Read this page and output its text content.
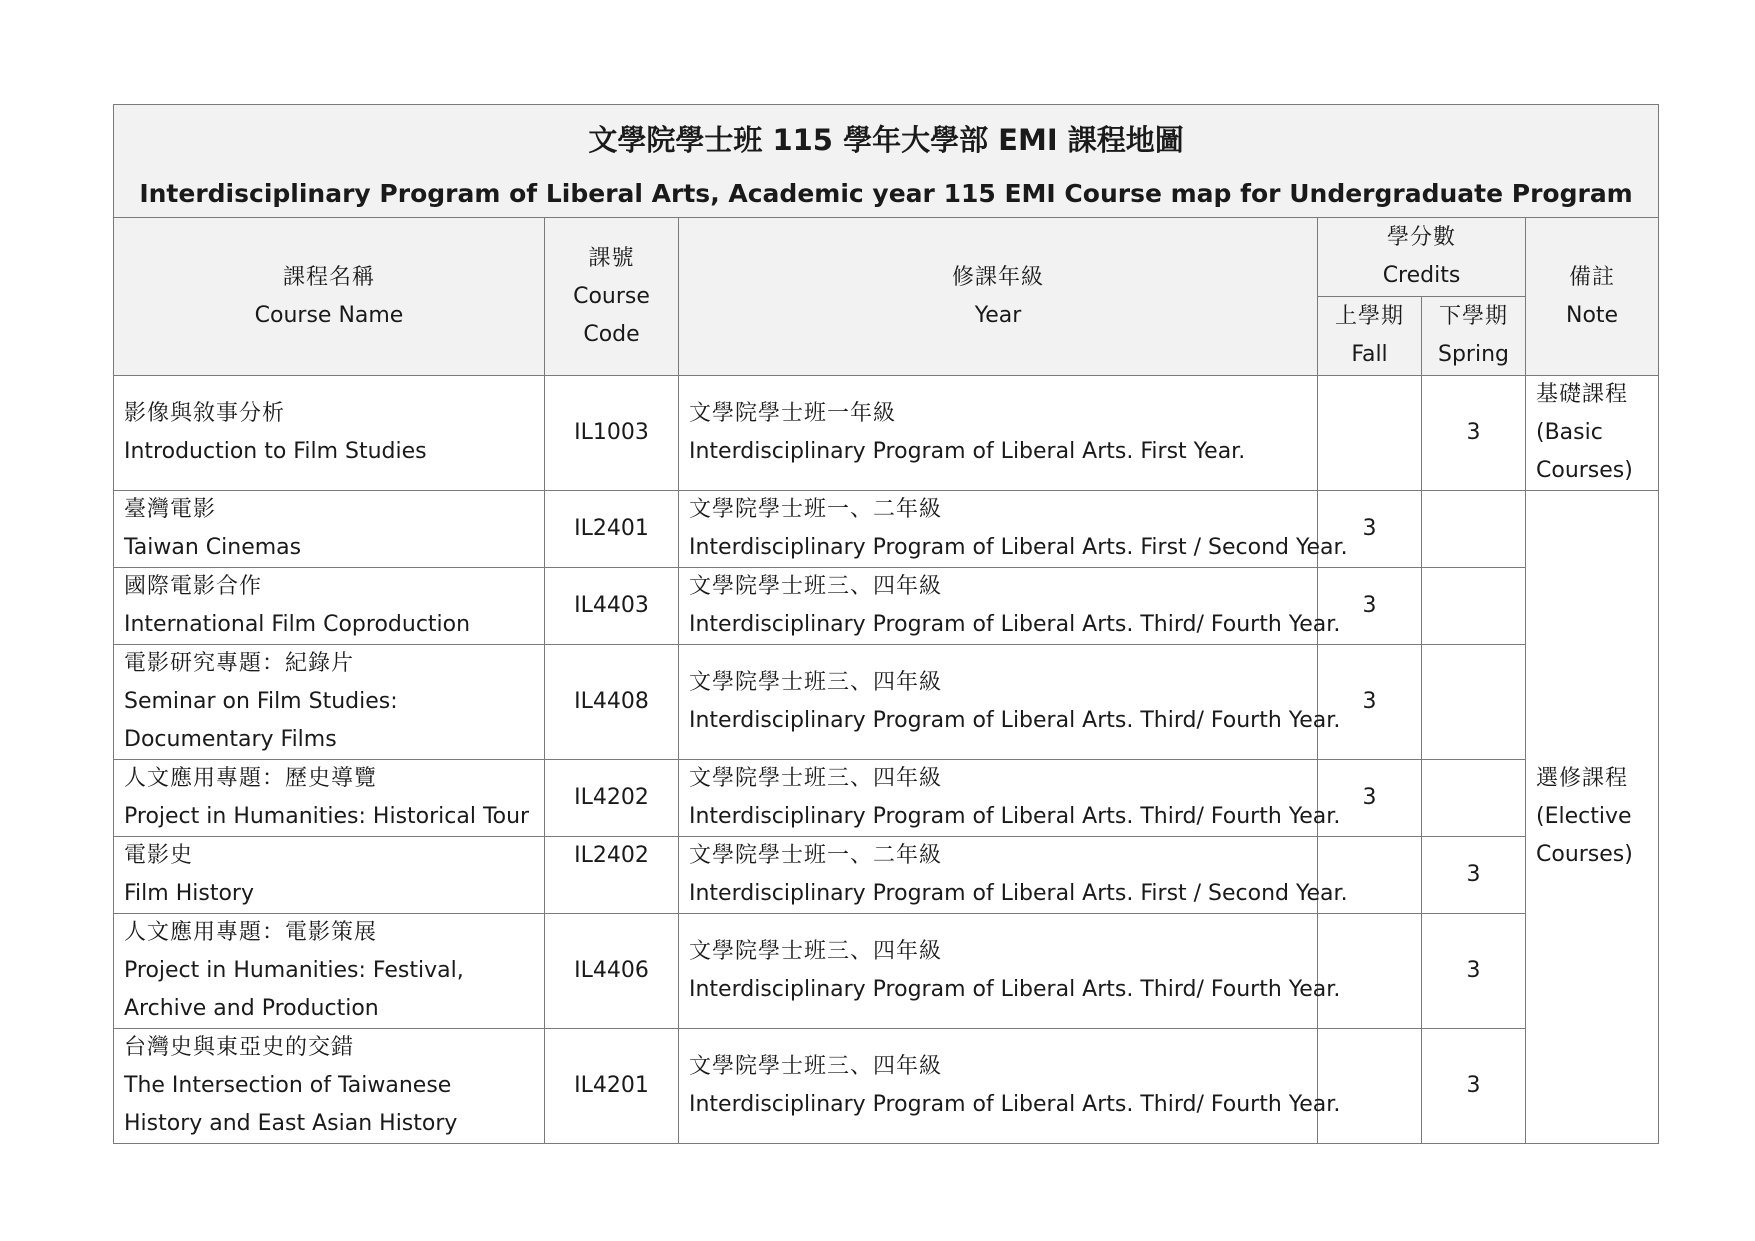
文學院學士班 115 學年大學部 EMI 課程地圖
Interdisciplinary Program of Liberal Arts, Academic year 115 EMI Course map for Undergraduate Program					

課程名稱
Course Name	課號
Course
Code	修課年級
Year	學分數
Credits		備註
Note

			上學期
Fall	下學期
Spring	

影像與敘事分析
Introduction to Film Studies	IL1003	文學院學士班一年級
Interdisciplinary Program of Liberal Arts. First Year.		3	基礎課程
(Basic
Courses)

臺灣電影
Taiwan Cinemas	IL2401	文學院學士班一、二年級
Interdisciplinary Program of Liberal Arts. First / Second Year.	3		選修課程
(Elective
Courses)

國際電影合作
International Film Coproduction	IL4403	文學院學士班三、四年級
Interdisciplinary Program of Liberal Arts. Third/ Fourth Year.	3		

電影研究專題：紀錄片
Seminar on Film Studies: Documentary Films	IL4408	文學院學士班三、四年級
Interdisciplinary Program of Liberal Arts. Third/ Fourth Year.	3		

人文應用專題：歷史導覽
Project in Humanities: Historical Tour	IL4202	文學院學士班三、四年級
Interdisciplinary Program of Liberal Arts. Third/ Fourth Year.	3		

電影史
Film History	IL2402	文學院學士班一、二年級
Interdisciplinary Program of Liberal Arts. First / Second Year.		3	

人文應用專題：電影策展
Project in Humanities: Festival, Archive and Production	IL4406	文學院學士班三、四年級
Interdisciplinary Program of Liberal Arts. Third/ Fourth Year.		3	

台灣史與東亞史的交錯
The Intersection of Taiwanese History and East Asian History	IL4201	文學院學士班三、四年級
Interdisciplinary Program of Liberal Arts. Third/ Fourth Year.		3	
